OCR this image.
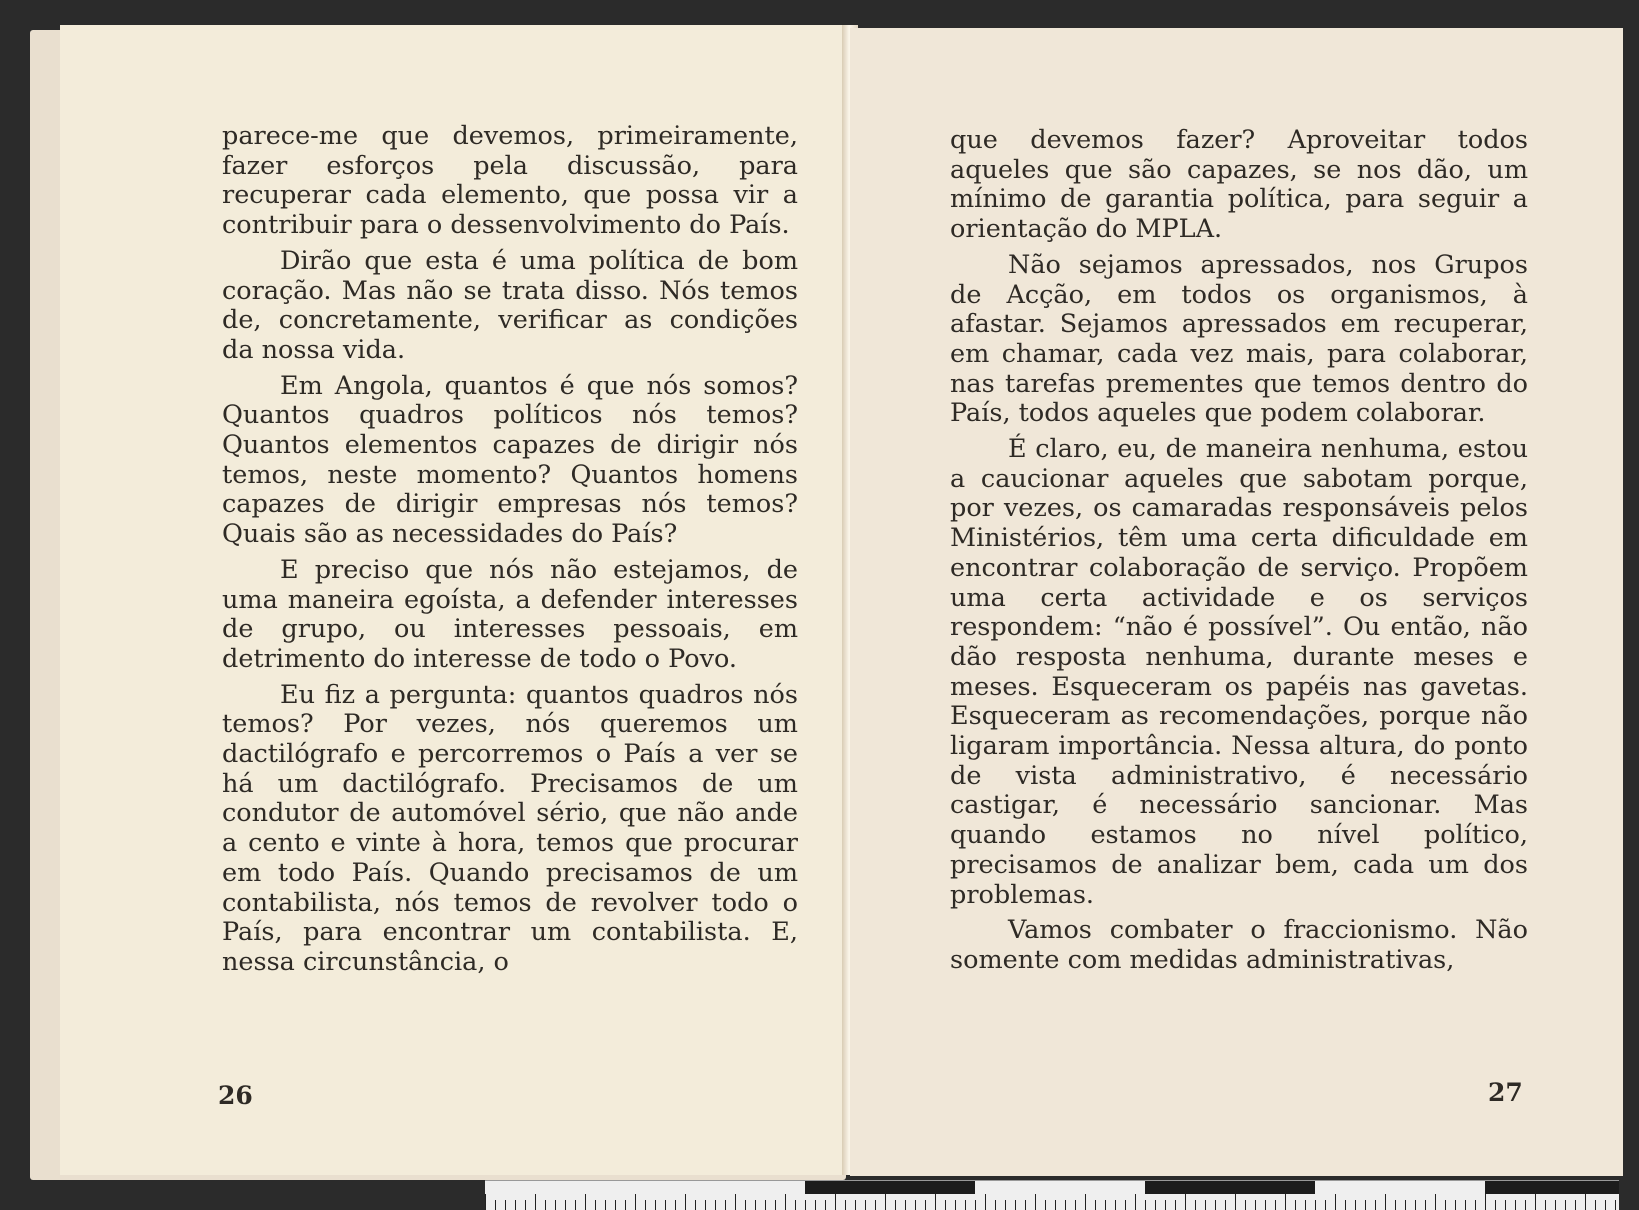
parece-me que devemos, primeiramente, fazer esforços pela discussão, para recuperar cada elemento, que possa vir a contribuir para o dessenvolvimento do País.

Dirão que esta é uma política de bom coração. Mas não se trata disso. Nós temos de, concretamente, verificar as condições da nossa vida.

Em Angola, quantos é que nós somos? Quantos quadros políticos nós temos? Quantos elementos capazes de dirigir nós temos, neste momento? Quantos homens capazes de dirigir empresas nós temos? Quais são as necessidades do País?

E preciso que nós não estejamos, de uma maneira egoísta, a defender interesses de grupo, ou interesses pessoais, em detrimento do interesse de todo o Povo.

Eu fiz a pergunta: quantos quadros nós temos? Por vezes, nós queremos um dactilógrafo e percorremos o País a ver se há um dactilógrafo. Precisamos de um condutor de automóvel sério, que não ande a cento e vinte à hora, temos que procurar em todo País. Quando precisamos de um contabilista, nós temos de revolver todo o País, para encontrar um contabilista. E, nessa circunstância, o

26

que devemos fazer? Aproveitar todos aqueles que são capazes, se nos dão, um mínimo de garantia política, para seguir a orientação do MPLA.

Não sejamos apressados, nos Grupos de Acção, em todos os organismos, à afastar. Sejamos apressados em recuperar, em chamar, cada vez mais, para colaborar, nas tarefas prementes que temos dentro do País, todos aqueles que podem colaborar.

É claro, eu, de maneira nenhuma, estou a caucionar aqueles que sabotam porque, por vezes, os camaradas responsáveis pelos Ministérios, têm uma certa dificuldade em encontrar colaboração de serviço. Propõem uma certa actividade e os serviços respondem: “não é possível”. Ou então, não dão resposta nenhuma, durante meses e meses. Esqueceram os papéis nas gavetas. Esqueceram as recomendações, porque não ligaram importância. Nessa altura, do ponto de vista administrativo, é necessário castigar, é necessário sancionar. Mas quando estamos no nível político, precisamos de analizar bem, cada um dos problemas.

Vamos combater o fraccionismo. Não somente com medidas administrativas,

27
